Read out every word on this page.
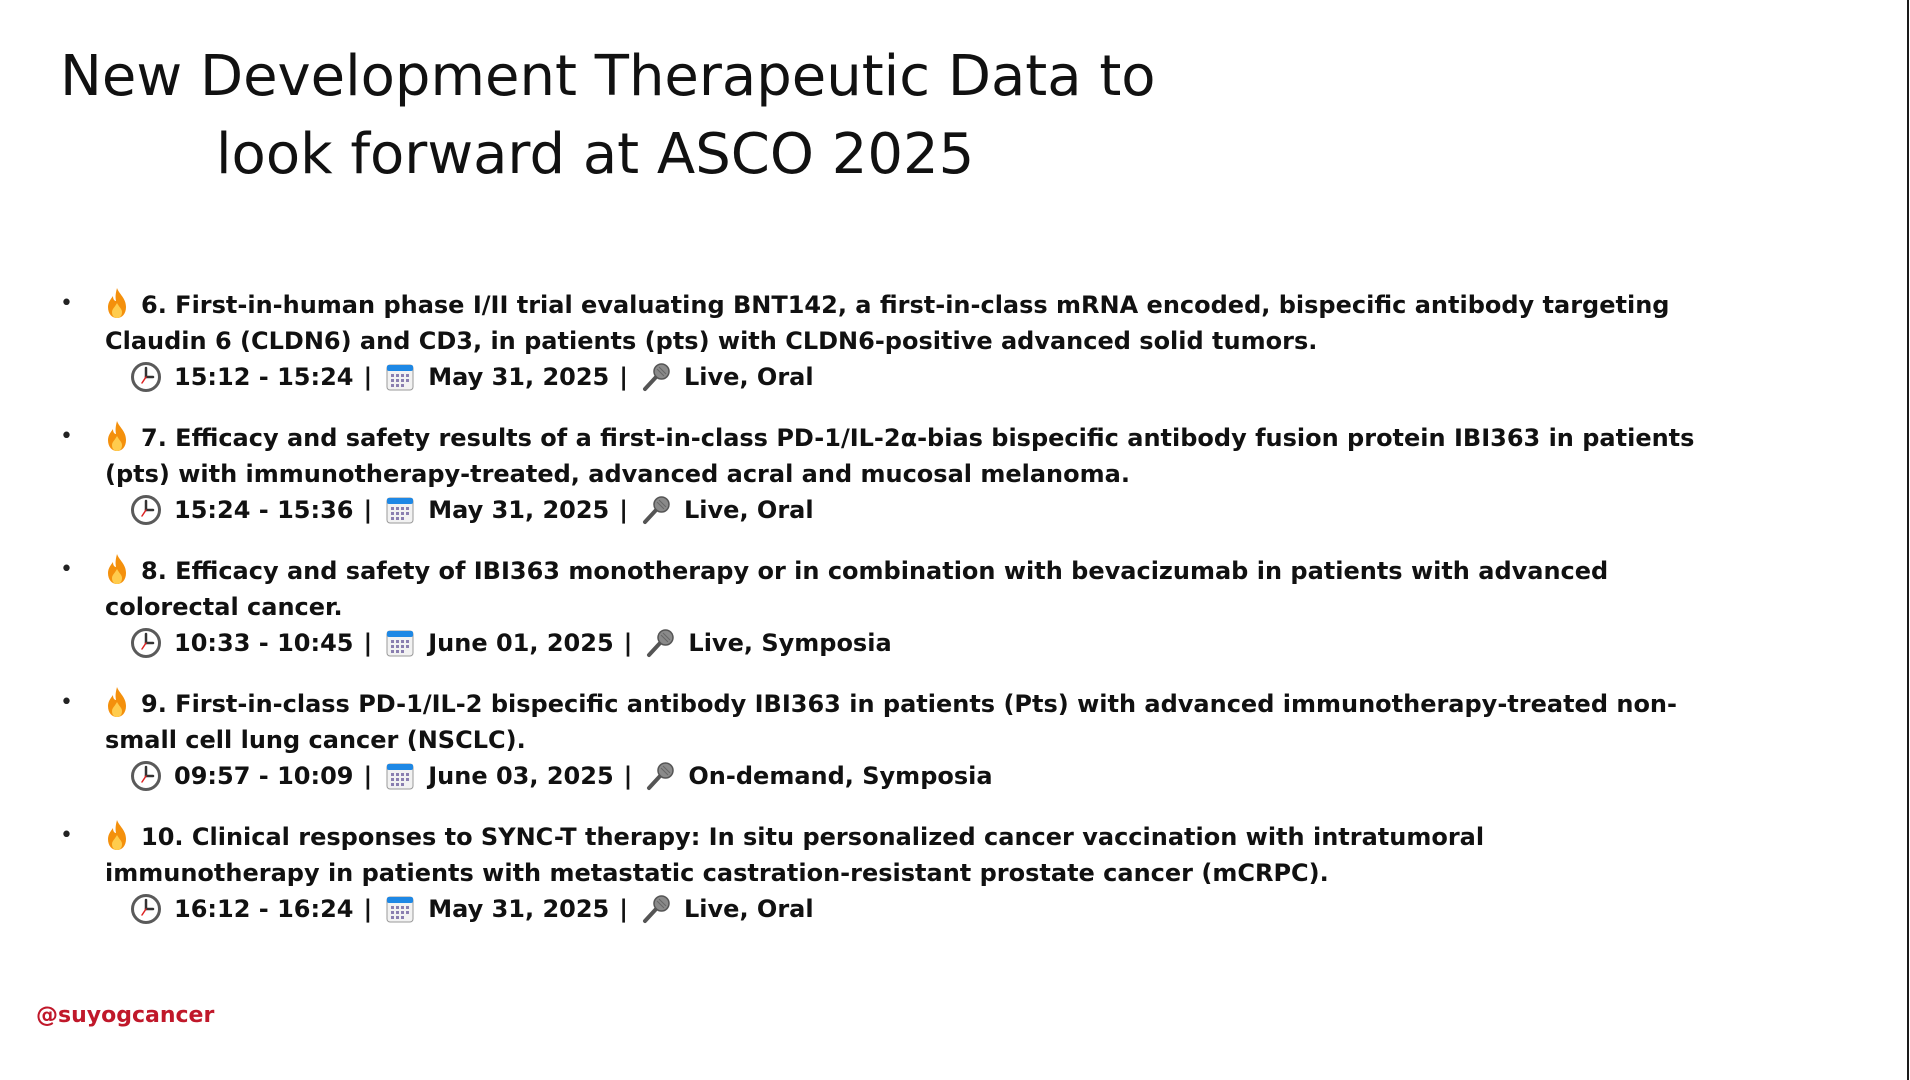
New Development Therapeutic Data to
look forward at ASCO 2025
•	6. First-in-human phase I/II trial evaluating BNT142, a first-in-class mRNA encoded, bispecific antibody targeting Claudin 6 (CLDN6) and CD3, in patients (pts) with CLDN6-positive advanced solid tumors.
15:12 - 15:24 | May 31, 2025 | Live, Oral
•	7. Efficacy and safety results of a first-in-class PD-1/IL-2α-bias bispecific antibody fusion protein IBI363 in patients (pts) with immunotherapy-treated, advanced acral and mucosal melanoma.
15:24 - 15:36 | May 31, 2025 | Live, Oral
•	8. Efficacy and safety of IBI363 monotherapy or in combination with bevacizumab in patients with advanced colorectal cancer.
10:33 - 10:45 | June 01, 2025 | Live, Symposia
•	9. First-in-class PD-1/IL-2 bispecific antibody IBI363 in patients (Pts) with advanced immunotherapy-treated non-small cell lung cancer (NSCLC).
09:57 - 10:09 | June 03, 2025 | On-demand, Symposia
•	10. Clinical responses to SYNC-T therapy: In situ personalized cancer vaccination with intratumoral immunotherapy in patients with metastatic castration-resistant prostate cancer (mCRPC).
16:12 - 16:24 | May 31, 2025 | Live, Oral
@suyogcancer
